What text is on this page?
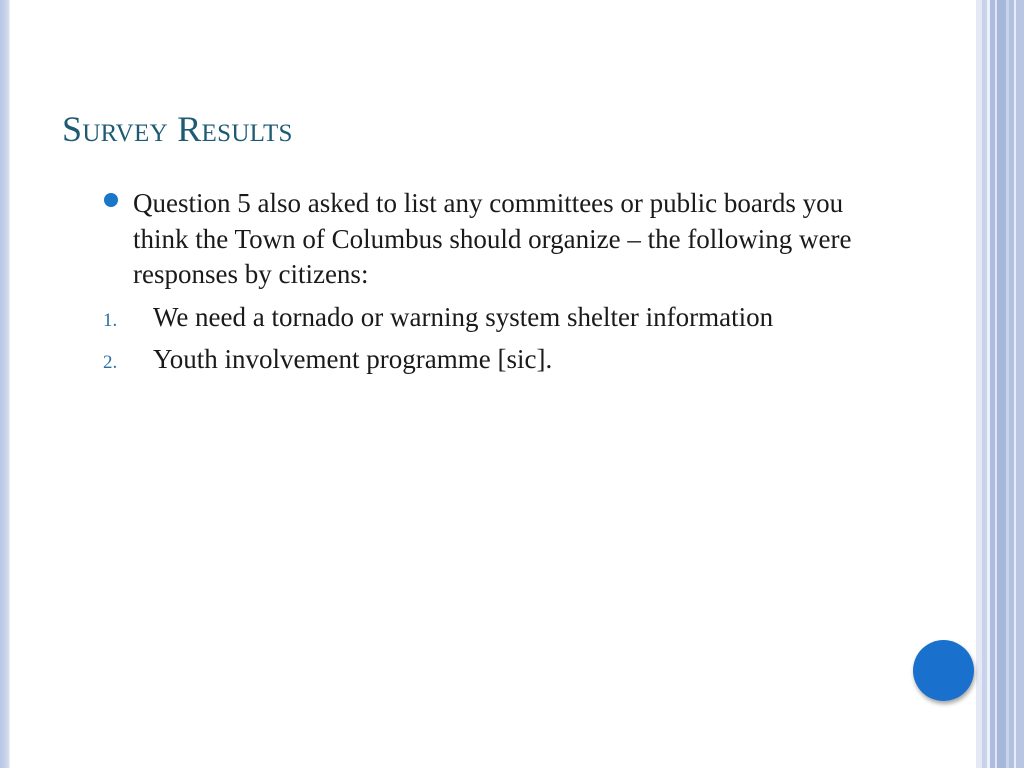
Survey Results
Question 5 also asked to list any committees or public boards you think the Town of Columbus should organize – the following were responses by citizens:
1. We need a tornado or warning system shelter information
2. Youth involvement programme [sic].
